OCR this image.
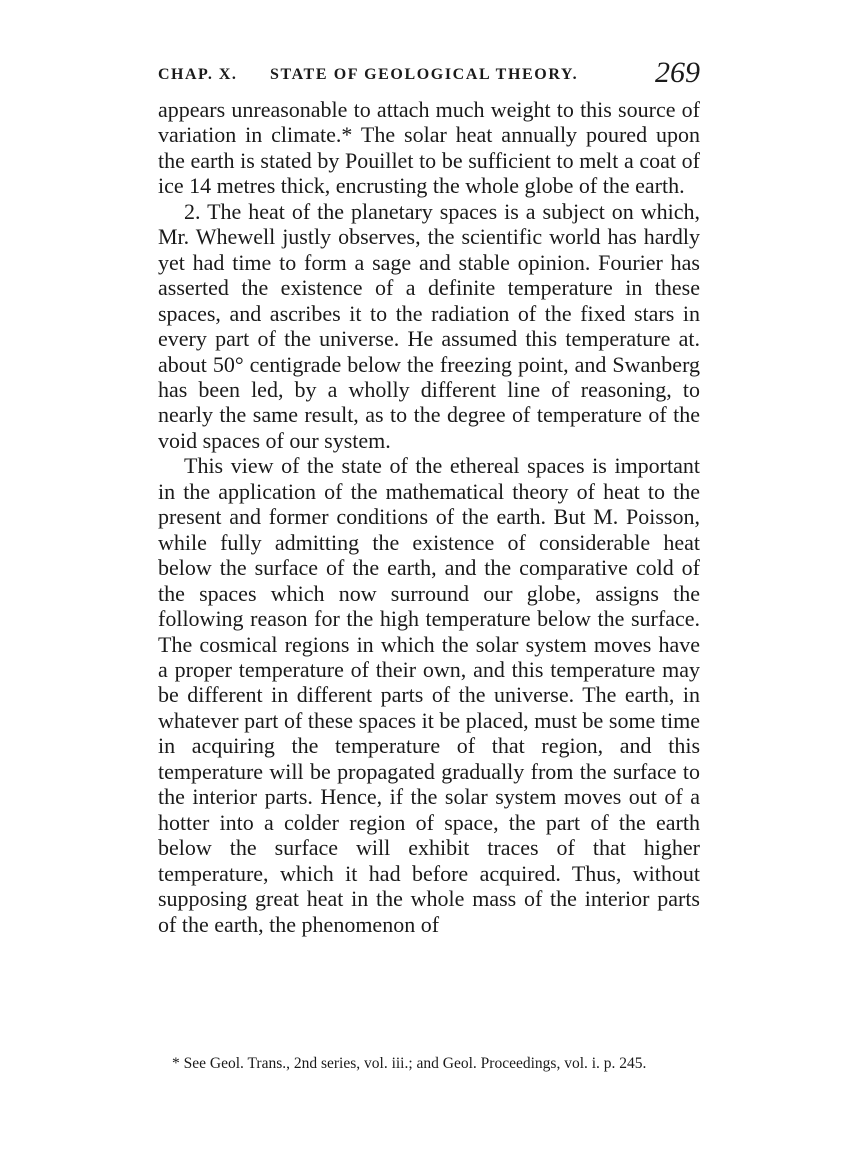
CHAP. X. STATE OF GEOLOGICAL THEORY.	269

appears unreasonable to attach much weight to this source of variation in climate.* The solar heat annually poured upon the earth is stated by Pouillet to be sufficient to melt a coat of ice 14 metres thick, encrusting the whole globe of the earth.

2. The heat of the planetary spaces is a subject on which, Mr. Whewell justly observes, the scientific world has hardly yet had time to form a sage and stable opinion. Fourier has asserted the existence of a definite temperature in these spaces, and ascribes it to the radiation of the fixed stars in every part of the universe. He assumed this temperature at. about 50° centigrade below the freezing point, and Swanberg has been led, by a wholly different line of reasoning, to nearly the same result, as to the degree of temperature of the void spaces of our system.

This view of the state of the ethereal spaces is important in the application of the mathematical theory of heat to the present and former conditions of the earth. But M. Poisson, while fully admitting the existence of considerable heat below the surface of the earth, and the comparative cold of the spaces which now surround our globe, assigns the following reason for the high temperature below the surface. The cosmical regions in which the solar system moves have a proper temperature of their own, and this temperature may be different in different parts of the universe. The earth, in whatever part of these spaces it be placed, must be some time in acquiring the temperature of that region, and this temperature will be propagated gradually from the surface to the interior parts. Hence, if the solar system moves out of a hotter into a colder region of space, the part of the earth below the surface will exhibit traces of that higher temperature, which it had before acquired. Thus, without supposing great heat in the whole mass of the interior parts of the earth, the phenomenon of

* See Geol. Trans., 2nd series, vol. iii.; and Geol. Proceedings, vol. i. p. 245.
